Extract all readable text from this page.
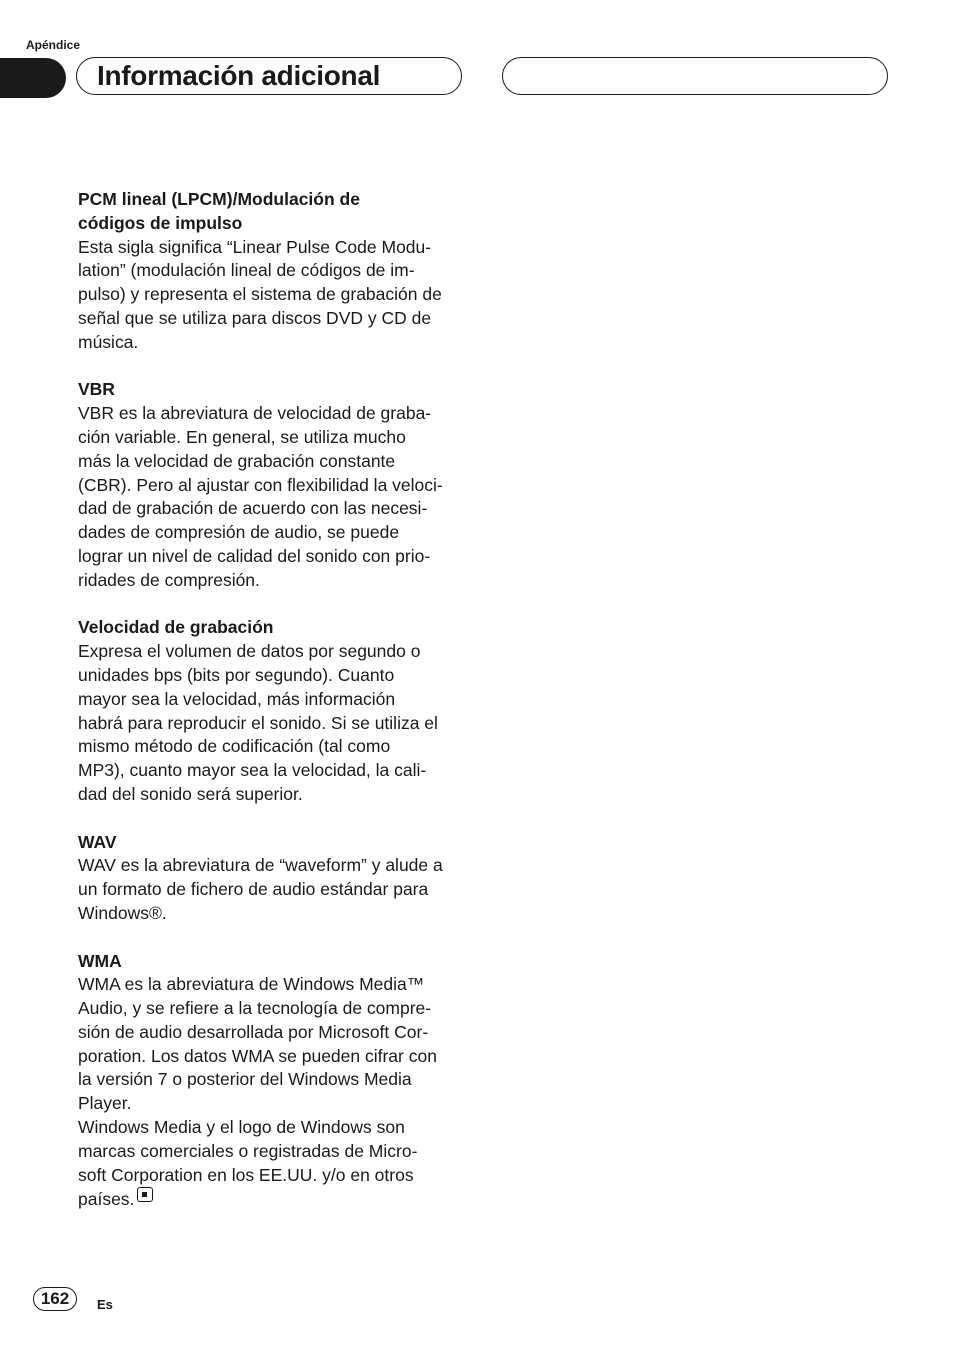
Apéndice
Información adicional
PCM lineal (LPCM)/Modulación de
códigos de impulso
Esta sigla significa “Linear Pulse Code Modu-
lation” (modulación lineal de códigos de im-
pulso) y representa el sistema de grabación de
señal que se utiliza para discos DVD y CD de
música.
VBR
VBR es la abreviatura de velocidad de graba-
ción variable. En general, se utiliza mucho
más la velocidad de grabación constante
(CBR). Pero al ajustar con flexibilidad la veloci-
dad de grabación de acuerdo con las necesi-
dades de compresión de audio, se puede
lograr un nivel de calidad del sonido con prio-
ridades de compresión.
Velocidad de grabación
Expresa el volumen de datos por segundo o
unidades bps (bits por segundo). Cuanto
mayor sea la velocidad, más información
habrá para reproducir el sonido. Si se utiliza el
mismo método de codificación (tal como
MP3), cuanto mayor sea la velocidad, la cali-
dad del sonido será superior.
WAV
WAV es la abreviatura de “waveform” y alude a
un formato de fichero de audio estándar para
Windows®.
WMA
WMA es la abreviatura de Windows Media™
Audio, y se refiere a la tecnología de compre-
sión de audio desarrollada por Microsoft Cor-
poration. Los datos WMA se pueden cifrar con
la versión 7 o posterior del Windows Media
Player.
Windows Media y el logo de Windows son
marcas comerciales o registradas de Micro-
soft Corporation en los EE.UU. y/o en otros
países.
162	Es
